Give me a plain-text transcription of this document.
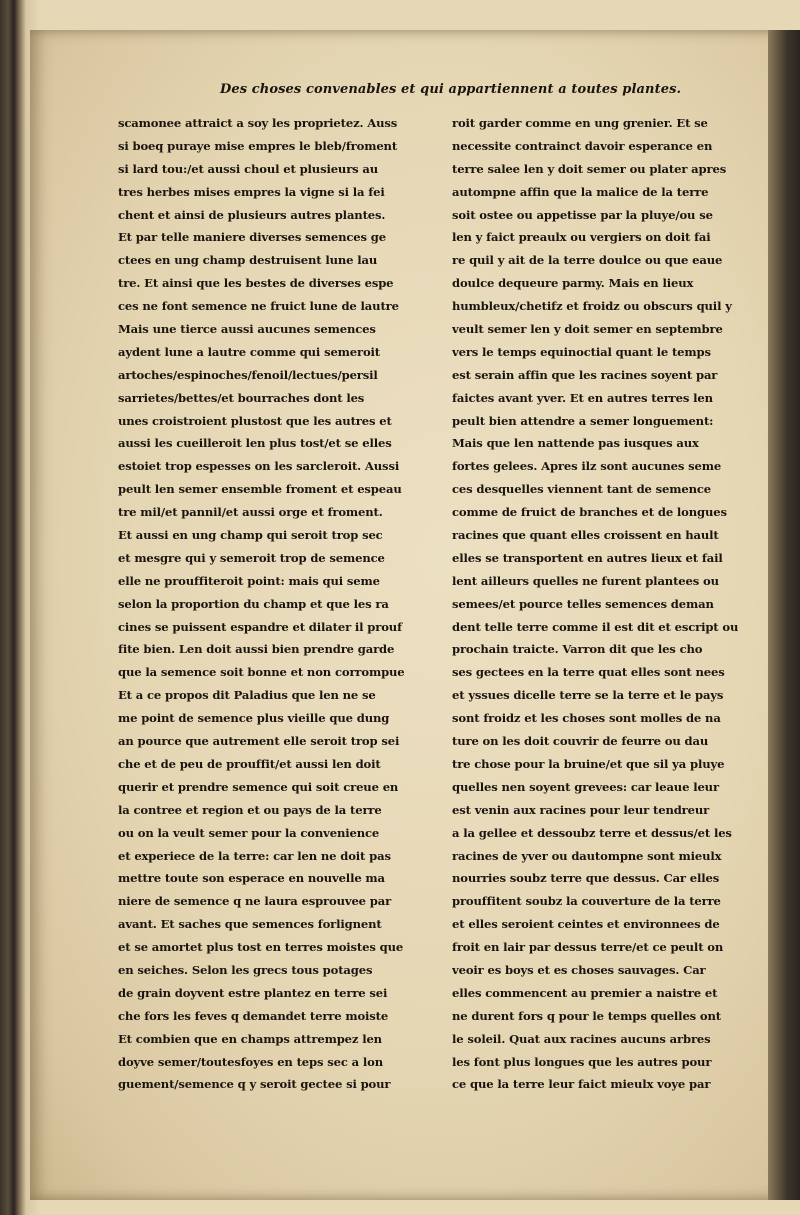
Des choses convenables et qui appartiennent a toutes plantes.
scamonee attraict a soy les proprietez. Auss
si boeq puraye mise empres le bleb/froment
si lard tou:/et aussi choul et plusieurs au
tres herbes mises empres la vigne si la fei
chent et ainsi de plusieurs autres plantes.
Et par telle maniere diverses semences ge
ctees en ung champ destruisent lune lau
tre. Et ainsi que les bestes de diverses espe
ces ne font semence ne fruict lune de lautre
Mais une tierce aussi aucunes semences
aydent lune a lautre comme qui semeroit
artoches/espinoches/fenoil/lectues/persil
sarrietes/bettes/et bourraches dont les
unes croistroient plustost que les autres et
aussi les cueilleroit len plus tost/et se elles
estoiet trop espesses on les sarcleroit. Aussi
peult len semer ensemble froment et espeau
tre mil/et pannil/et aussi orge et froment.
Et aussi en ung champ qui seroit trop sec
et mesgre qui y semeroit trop de semence
elle ne prouffiteroit point: mais qui seme
selon la proportion du champ et que les ra
cines se puissent espandre et dilater il prouf
fite bien. Len doit aussi bien prendre garde
que la semence soit bonne et non corrompue
Et a ce propos dit Paladius que len ne se
me point de semence plus vieille que dung
an pource que autrement elle seroit trop sei
che et de peu de prouffit/et aussi len doit
querir et prendre semence qui soit creue en
la contree et region et ou pays de la terre
ou on la veult semer pour la convenience
et experiece de la terre: car len ne doit pas
mettre toute son esperace en nouvelle ma
niere de semence q ne laura esprouvee par
avant. Et saches que semences forlignent
et se amortet plus tost en terres moistes que
en seiches. Selon les grecs tous potages
de grain doyvent estre plantez en terre sei
che fors les feves q demandet terre moiste
Et combien que en champs attrempez len
doyve semer/toutesfoyes en teps sec a lon
guement/semence q y seroit gectee si pour
roit garder comme en ung grenier. Et se
necessite contrainct davoir esperance en
terre salee len y doit semer ou plater apres
autompne affin que la malice de la terre
soit ostee ou appetisse par la pluye/ou se
len y faict preaulx ou vergiers on doit fai
re quil y ait de la terre doulce ou que eaue
doulce dequeure parmy. Mais en lieux
humbleux/chetifz et froidz ou obscurs quil y
veult semer len y doit semer en septembre
vers le temps equinoctial quant le temps
est serain affin que les racines soyent par
faictes avant yver. Et en autres terres len
peult bien attendre a semer longuement:
Mais que len nattende pas iusques aux
fortes gelees. Apres ilz sont aucunes seme
ces desquelles viennent tant de semence
comme de fruict de branches et de longues
racines que quant elles croissent en hault
elles se transportent en autres lieux et fail
lent ailleurs quelles ne furent plantees ou
semees/et pource telles semences deman
dent telle terre comme il est dit et escript ou
prochain traicte. Varron dit que les cho
ses gectees en la terre quat elles sont nees
et yssues dicelle terre se la terre et le pays
sont froidz et les choses sont molles de na
ture on les doit couvrir de feurre ou dau
tre chose pour la bruine/et que sil ya pluye
quelles nen soyent grevees: car leaue leur
est venin aux racines pour leur tendreur
a la gellee et dessoubz terre et dessus/et les
racines de yver ou dautompne sont mieulx
nourries soubz terre que dessus. Car elles
prouffitent soubz la couverture de la terre
et elles seroient ceintes et environnees de
froit en lair par dessus terre/et ce peult on
veoir es boys et es choses sauvages. Car
elles commencent au premier a naistre et
ne durent fors q pour le temps quelles ont
le soleil. Quat aux racines aucuns arbres
les font plus longues que les autres pour
ce que la terre leur faict mieulx voye par
